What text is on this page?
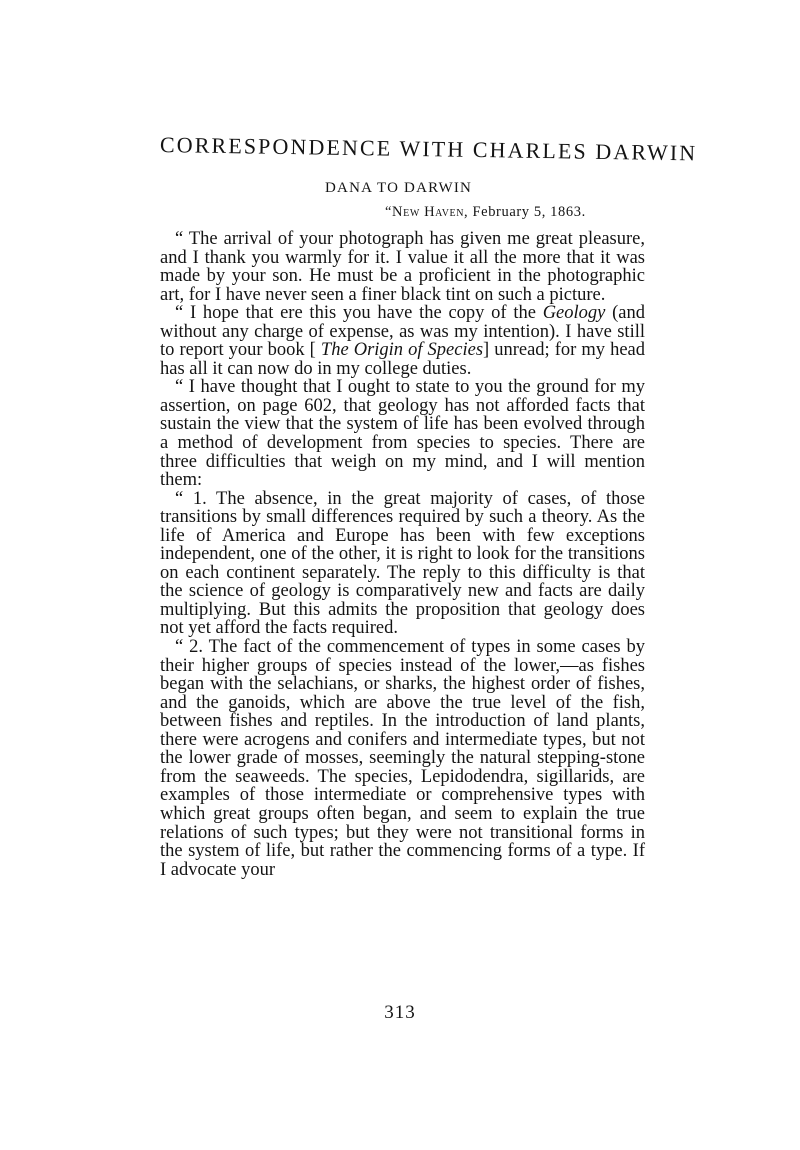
CORRESPONDENCE WITH CHARLES DARWIN
DANA TO DARWIN
“New Haven, February 5, 1863.

“ The arrival of your photograph has given me great pleasure, and I thank you warmly for it. I value it all the more that it was made by your son. He must be a proficient in the photographic art, for I have never seen a finer black tint on such a picture.

“ I hope that ere this you have the copy of the Geology (and without any charge of expense, as was my intention). I have still to report your book [ The Origin of Species] unread; for my head has all it can now do in my college duties.

“ I have thought that I ought to state to you the ground for my assertion, on page 602, that geology has not afforded facts that sustain the view that the system of life has been evolved through a method of development from species to species. There are three difficulties that weigh on my mind, and I will mention them:

“ 1. The absence, in the great majority of cases, of those transitions by small differences required by such a theory. As the life of America and Europe has been with few exceptions independent, one of the other, it is right to look for the transitions on each continent separately. The reply to this difficulty is that the science of geology is comparatively new and facts are daily multiplying. But this admits the proposition that geology does not yet afford the facts required.

“ 2. The fact of the commencement of types in some cases by their higher groups of species instead of the lower,—as fishes began with the selachians, or sharks, the highest order of fishes, and the ganoids, which are above the true level of the fish, between fishes and reptiles. In the introduction of land plants, there were acrogens and conifers and intermediate types, but not the lower grade of mosses, seemingly the natural stepping-stone from the seaweeds. The species, Lepidodendra, sigillarids, are examples of those intermediate or comprehensive types with which great groups often began, and seem to explain the true relations of such types; but they were not transitional forms in the system of life, but rather the commencing forms of a type. If I advocate your

313
